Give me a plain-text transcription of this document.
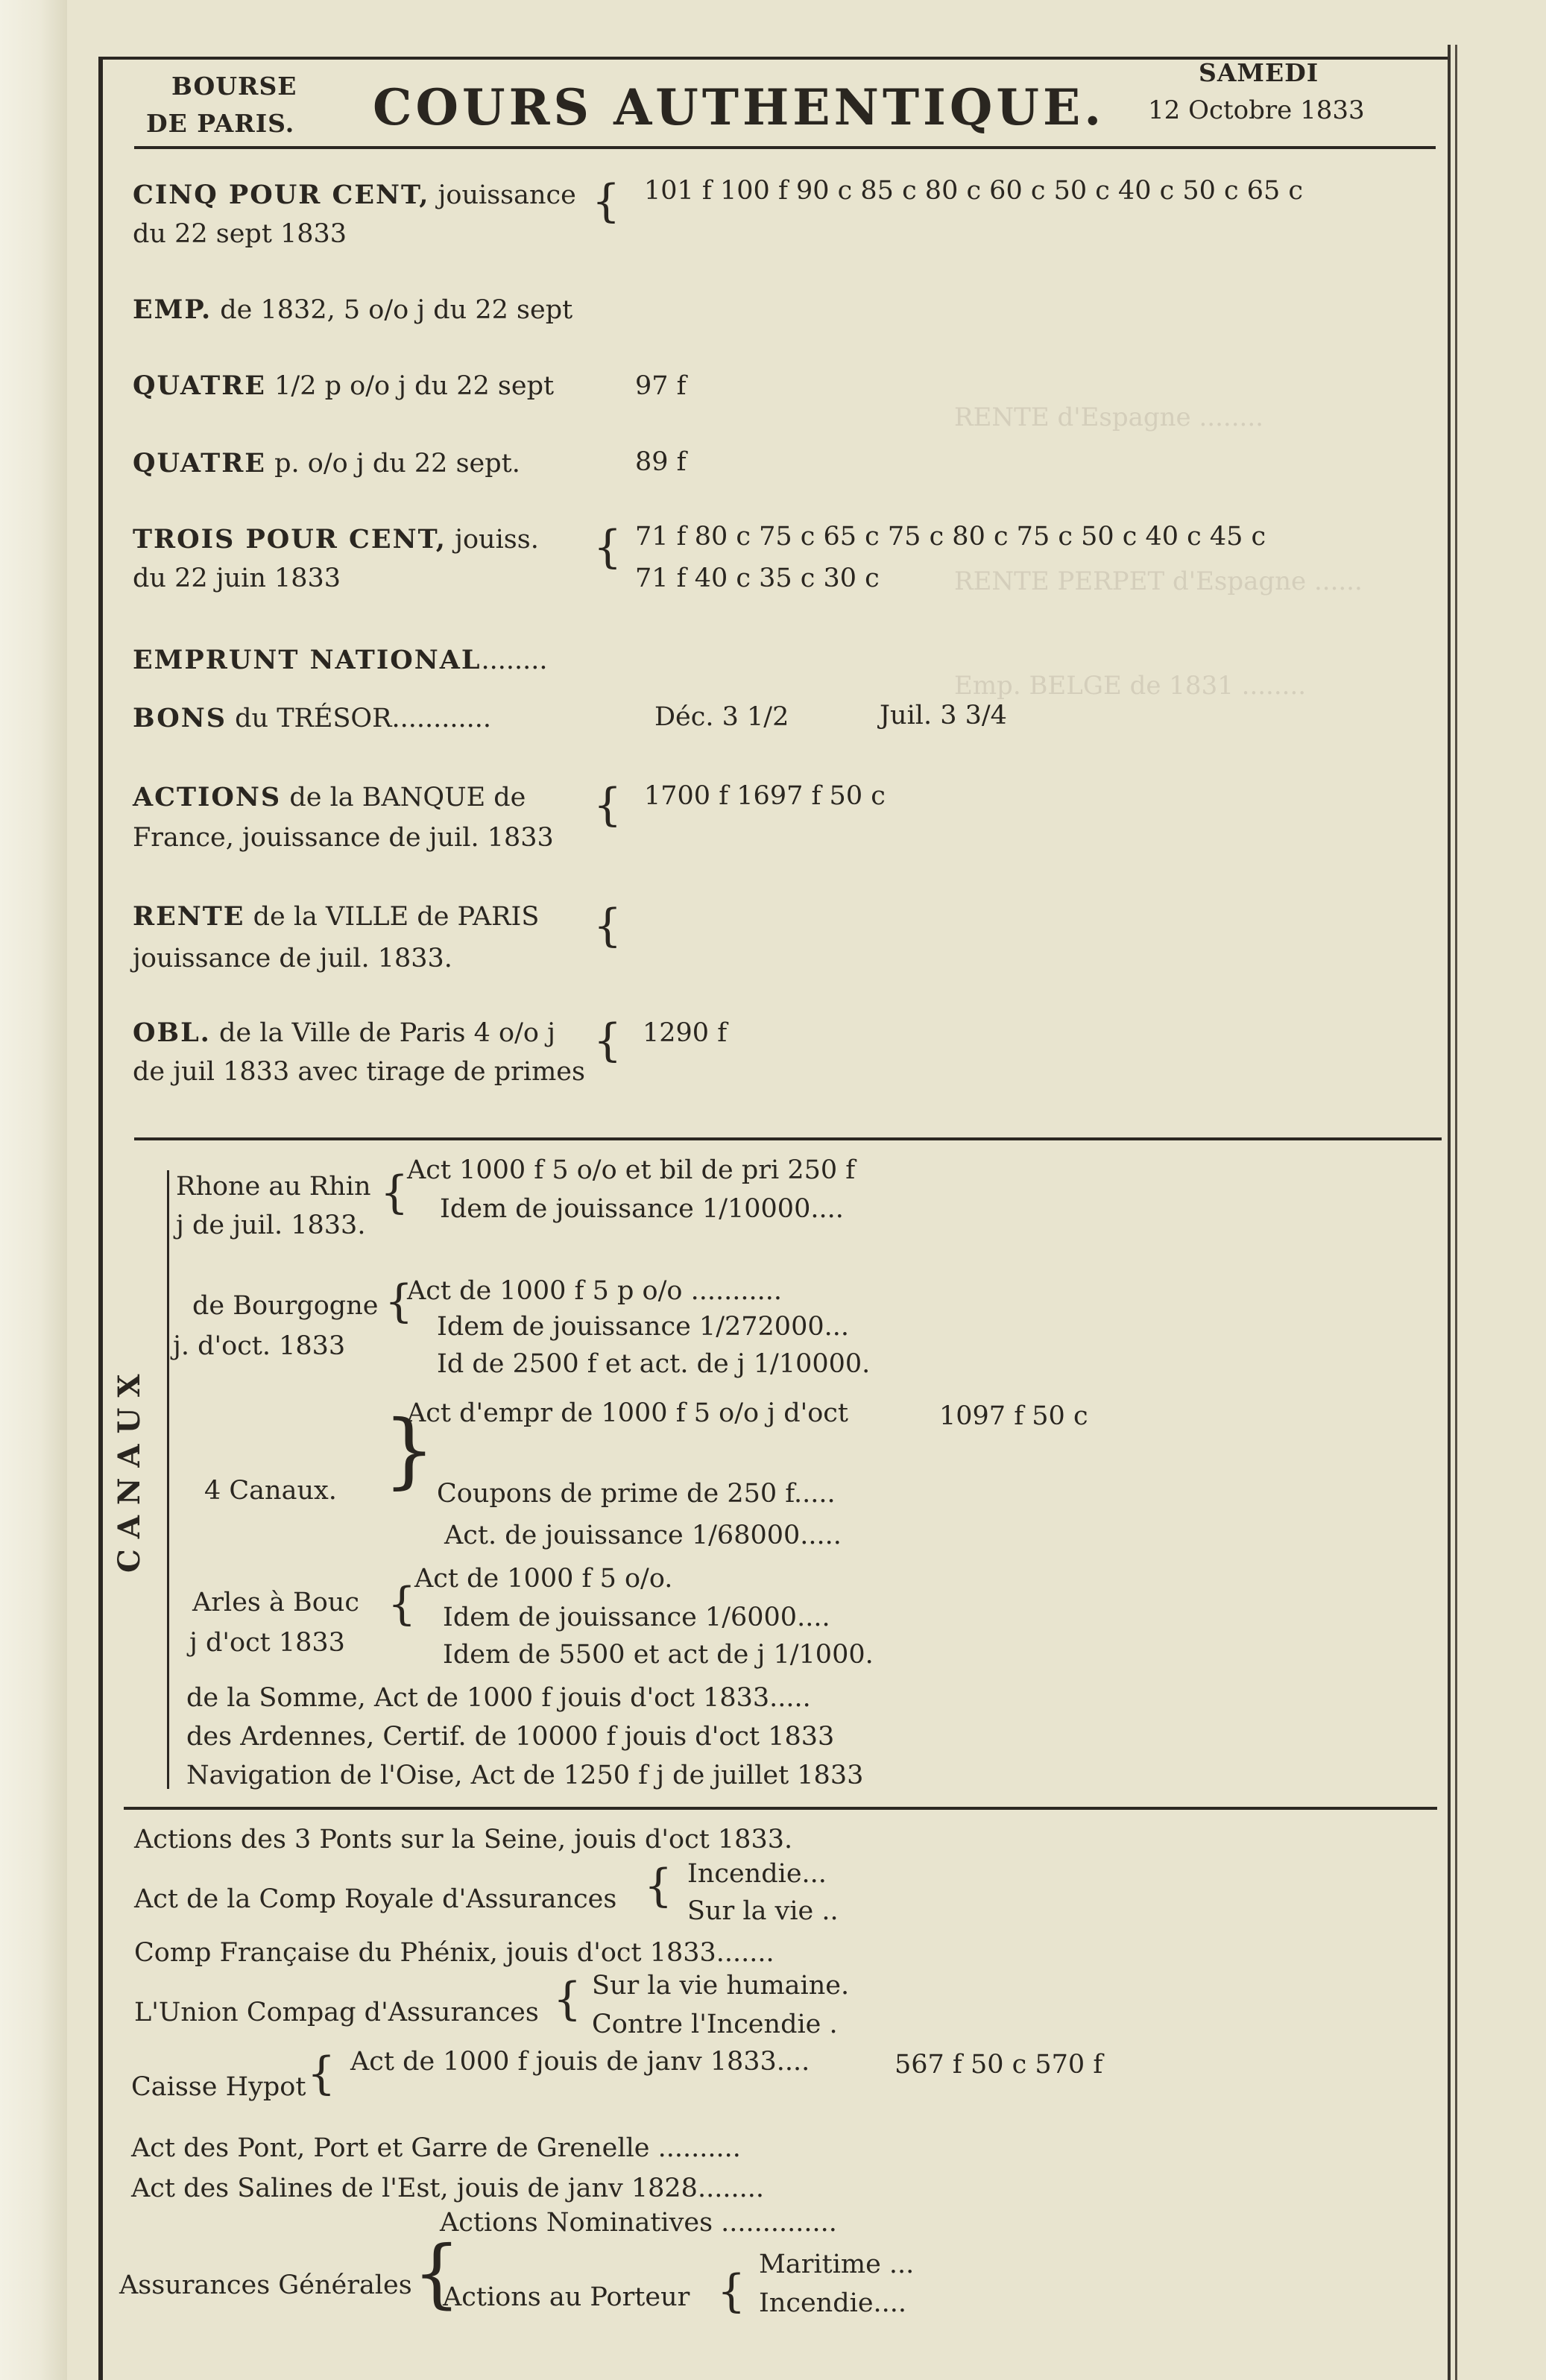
RENTE d'Espagne ........
RENTE PERPET d'Espagne ......
Emp. BELGE de 1831 ........
BOURSE
DE PARIS. COURS AUTHENTIQUE.
SAMEDI
12 Octobre 1833
CINQ POUR CENT, jouissance
du 22 sept 1833
{ 101 f 100 f 90 c 85 c 80 c 60 c 50 c 40 c 50 c 65 c
EMP. de 1832, 5 o/o j du 22 sept
QUATRE 1/2 p o/o j du 22 sept	97 f
QUATRE p. o/o j du 22 sept.	89 f
TROIS POUR CENT, jouiss.
du 22 juin 1833
{ 71 f 80 c 75 c 65 c 75 c 80 c 75 c 50 c 40 c 45 c
71 f 40 c 35 c 30 c
EMPRUNT NATIONAL........
BONS du TRÉSOR............	Déc. 3 1/2	Juil. 3 3/4
ACTIONS de la BANQUE de
France, jouissance de juil. 1833
{ 1700 f 1697 f 50 c
RENTE de la VILLE de PARIS
jouissance de juil. 1833.
{
OBL. de la Ville de Paris 4 o/o j
de juil 1833 avec tirage de primes
{ 1290 f
CANAUX
Rhone au Rhin
j de juil. 1833.
{
Act 1000 f 5 o/o et bil de pri 250 f
Idem de jouissance 1/10000....
de Bourgogne
j. d'oct. 1833
{
Act de 1000 f 5 p o/o ...........
Idem de jouissance 1/272000...
Id de 2500 f et act. de j 1/10000.
4 Canaux. }
Act d'empr de 1000 f 5 o/o j d'oct	1097 f 50 c
Coupons de prime de 250 f.....
Act. de jouissance 1/68000.....
Arles à Bouc
j d'oct 1833
{
Act de 1000 f 5 o/o.
Idem de jouissance 1/6000....
Idem de 5500 et act de j 1/1000.
de la Somme, Act de 1000 f jouis d'oct 1833.....
des Ardennes, Certif. de 10000 f jouis d'oct 1833
Navigation de l'Oise, Act de 1250 f j de juillet 1833
Actions des 3 Ponts sur la Seine, jouis d'oct 1833.
Act de la Comp Royale d'Assurances { Incendie...
Sur la vie ..
Comp Française du Phénix, jouis d'oct 1833.......
L'Union Compag d'Assurances { Sur la vie humaine.
Contre l'Incendie .
Caisse Hypot { Act de 1000 f jouis de janv 1833....	567 f 50 c 570 f
Act des Pont, Port et Garre de Grenelle ..........
Act des Salines de l'Est, jouis de janv 1828........
Actions Nominatives ..............
Assurances Générales {
Actions au Porteur {
Maritime ...
Incendie....
